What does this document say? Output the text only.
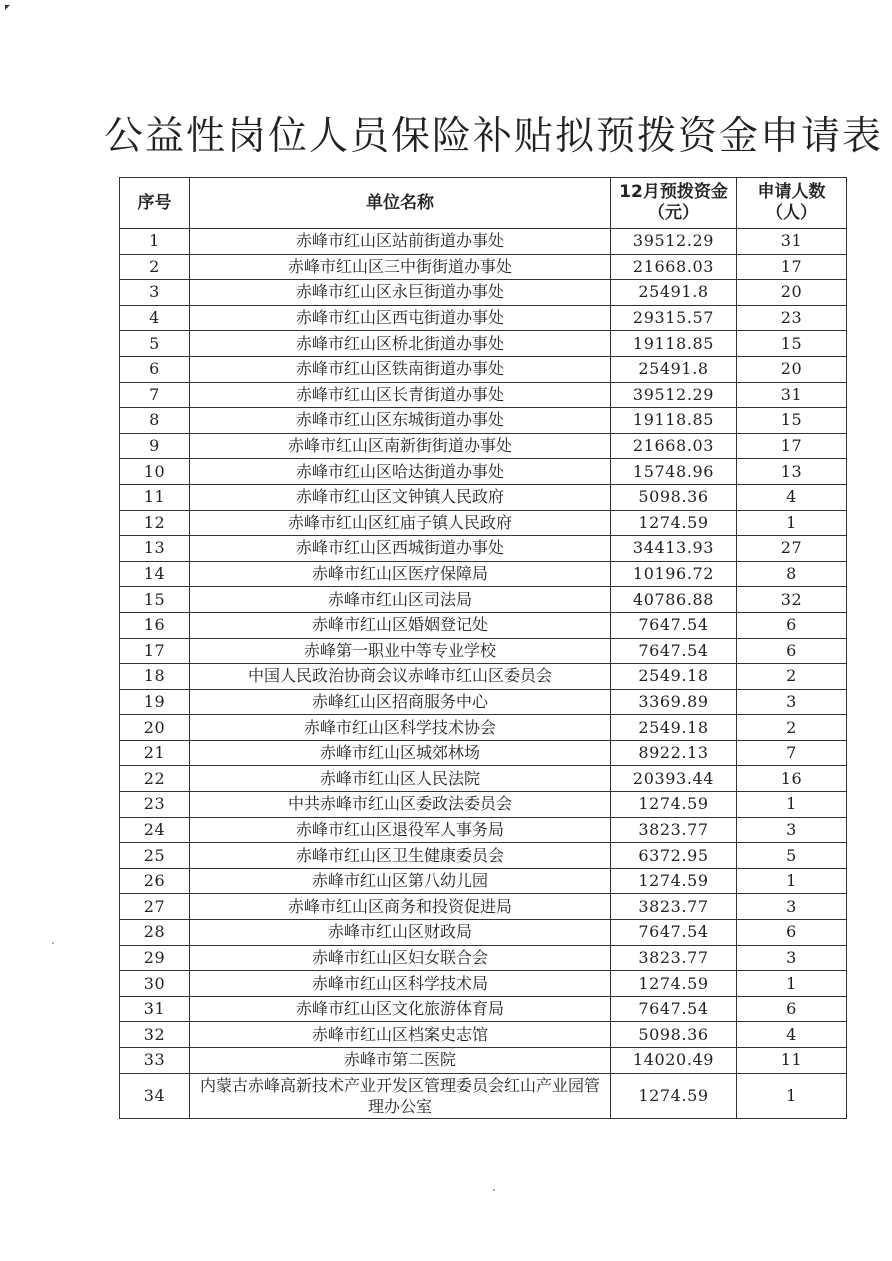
公益性岗位人员保险补贴拟预拨资金申请表
序号	单位名称	12月预拨资金（元）	申请人数（人）
1	赤峰市红山区站前街道办事处	39512.29	31
2	赤峰市红山区三中街街道办事处	21668.03	17
3	赤峰市红山区永巨街道办事处	25491.8	20
4	赤峰市红山区西屯街道办事处	29315.57	23
5	赤峰市红山区桥北街道办事处	19118.85	15
6	赤峰市红山区铁南街道办事处	25491.8	20
7	赤峰市红山区长青街道办事处	39512.29	31
8	赤峰市红山区东城街道办事处	19118.85	15
9	赤峰市红山区南新街街道办事处	21668.03	17
10	赤峰市红山区哈达街道办事处	15748.96	13
11	赤峰市红山区文钟镇人民政府	5098.36	4
12	赤峰市红山区红庙子镇人民政府	1274.59	1
13	赤峰市红山区西城街道办事处	34413.93	27
14	赤峰市红山区医疗保障局	10196.72	8
15	赤峰市红山区司法局	40786.88	32
16	赤峰市红山区婚姻登记处	7647.54	6
17	赤峰第一职业中等专业学校	7647.54	6
18	中国人民政治协商会议赤峰市红山区委员会	2549.18	2
19	赤峰红山区招商服务中心	3369.89	3
20	赤峰市红山区科学技术协会	2549.18	2
21	赤峰市红山区城郊林场	8922.13	7
22	赤峰市红山区人民法院	20393.44	16
23	中共赤峰市红山区委政法委员会	1274.59	1
24	赤峰市红山区退役军人事务局	3823.77	3
25	赤峰市红山区卫生健康委员会	6372.95	5
26	赤峰市红山区第八幼儿园	1274.59	1
27	赤峰市红山区商务和投资促进局	3823.77	3
28	赤峰市红山区财政局	7647.54	6
29	赤峰市红山区妇女联合会	3823.77	3
30	赤峰市红山区科学技术局	1274.59	1
31	赤峰市红山区文化旅游体育局	7647.54	6
32	赤峰市红山区档案史志馆	5098.36	4
33	赤峰市第二医院	14020.49	11
34	内蒙古赤峰高新技术产业开发区管理委员会红山产业园管理办公室	1274.59	1
